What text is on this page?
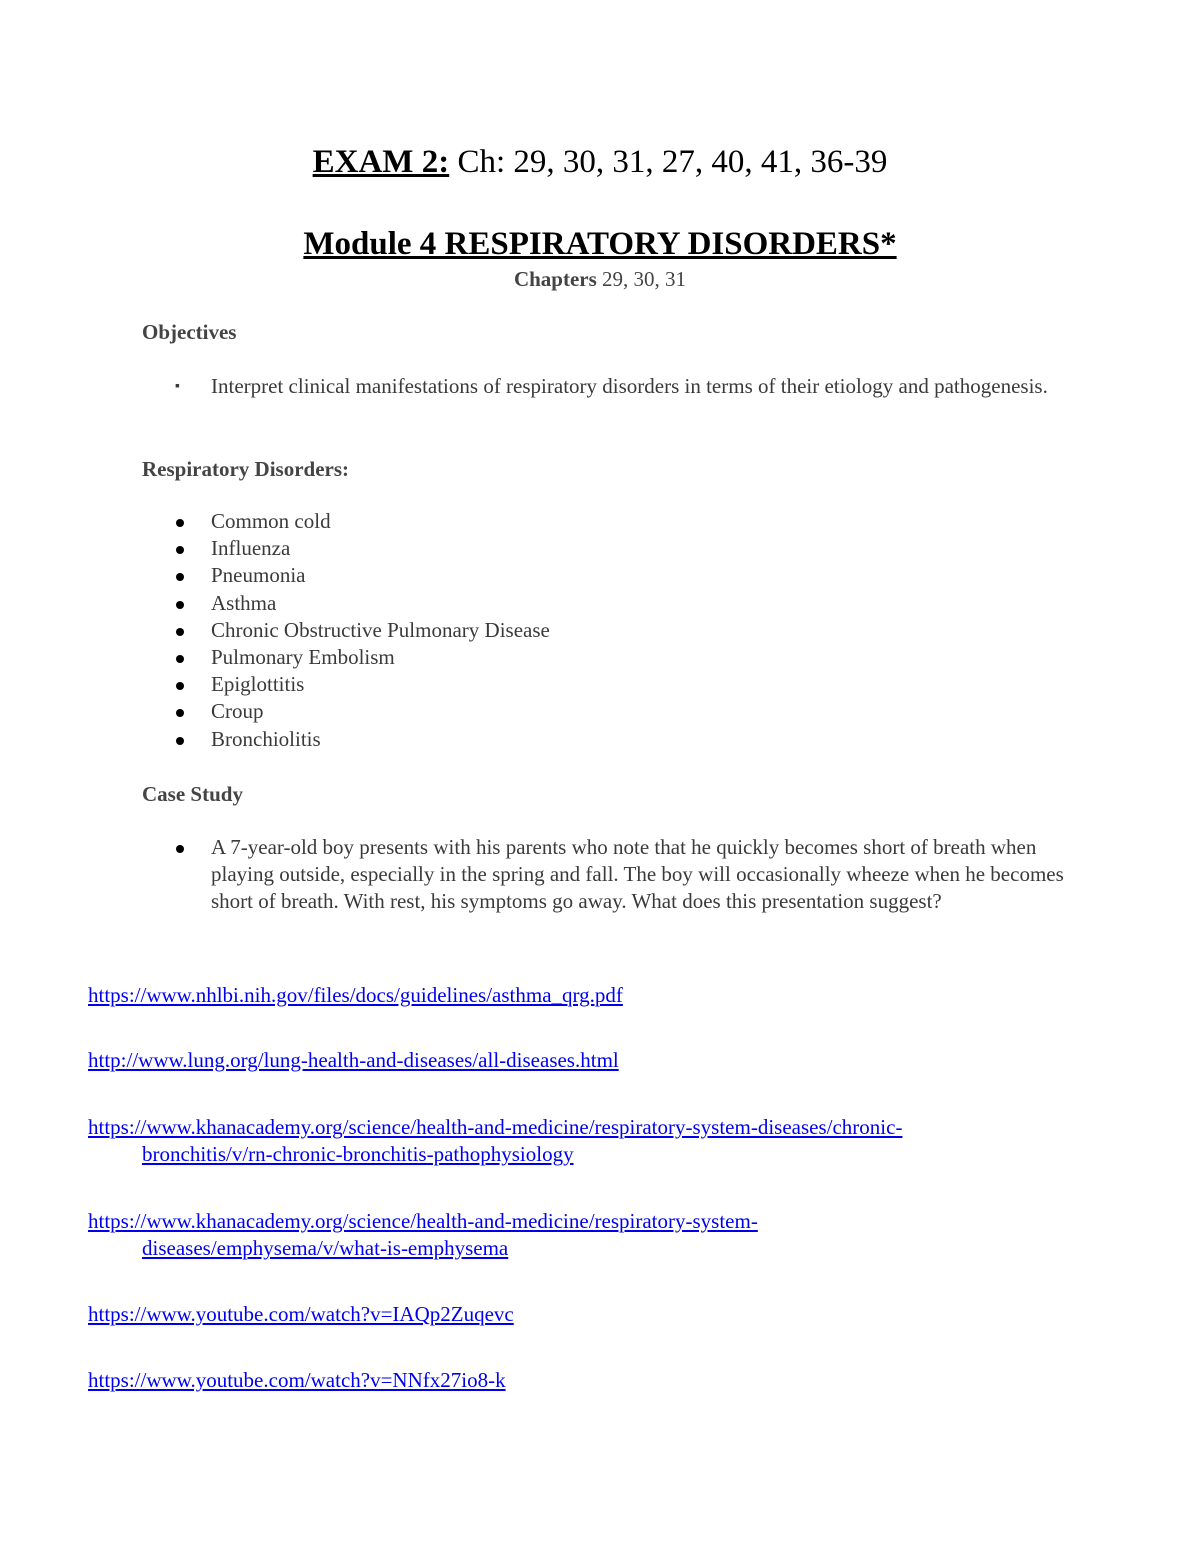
EXAM 2: Ch: 29, 30, 31, 27, 40, 41, 36-39
Module 4 RESPIRATORY DISORDERS*
Chapters 29, 30, 31
Objectives
▪ Interpret clinical manifestations of respiratory disorders in terms of their etiology and pathogenesis.
Respiratory Disorders:
Common cold
Influenza
Pneumonia
Asthma
Chronic Obstructive Pulmonary Disease
Pulmonary Embolism
Epiglottitis
Croup
Bronchiolitis
Case Study
A 7-year-old boy presents with his parents who note that he quickly becomes short of breath when playing outside, especially in the spring and fall. The boy will occasionally wheeze when he becomes short of breath. With rest, his symptoms go away. What does this presentation suggest?
https://www.nhlbi.nih.gov/files/docs/guidelines/asthma_qrg.pdf
http://www.lung.org/lung-health-and-diseases/all-diseases.html
https://www.khanacademy.org/science/health-and-medicine/respiratory-system-diseases/chronic-
bronchitis/v/rn-chronic-bronchitis-pathophysiology
https://www.khanacademy.org/science/health-and-medicine/respiratory-system-
diseases/emphysema/v/what-is-emphysema
https://www.youtube.com/watch?v=IAQp2Zuqevc
https://www.youtube.com/watch?v=NNfx27io8-k
